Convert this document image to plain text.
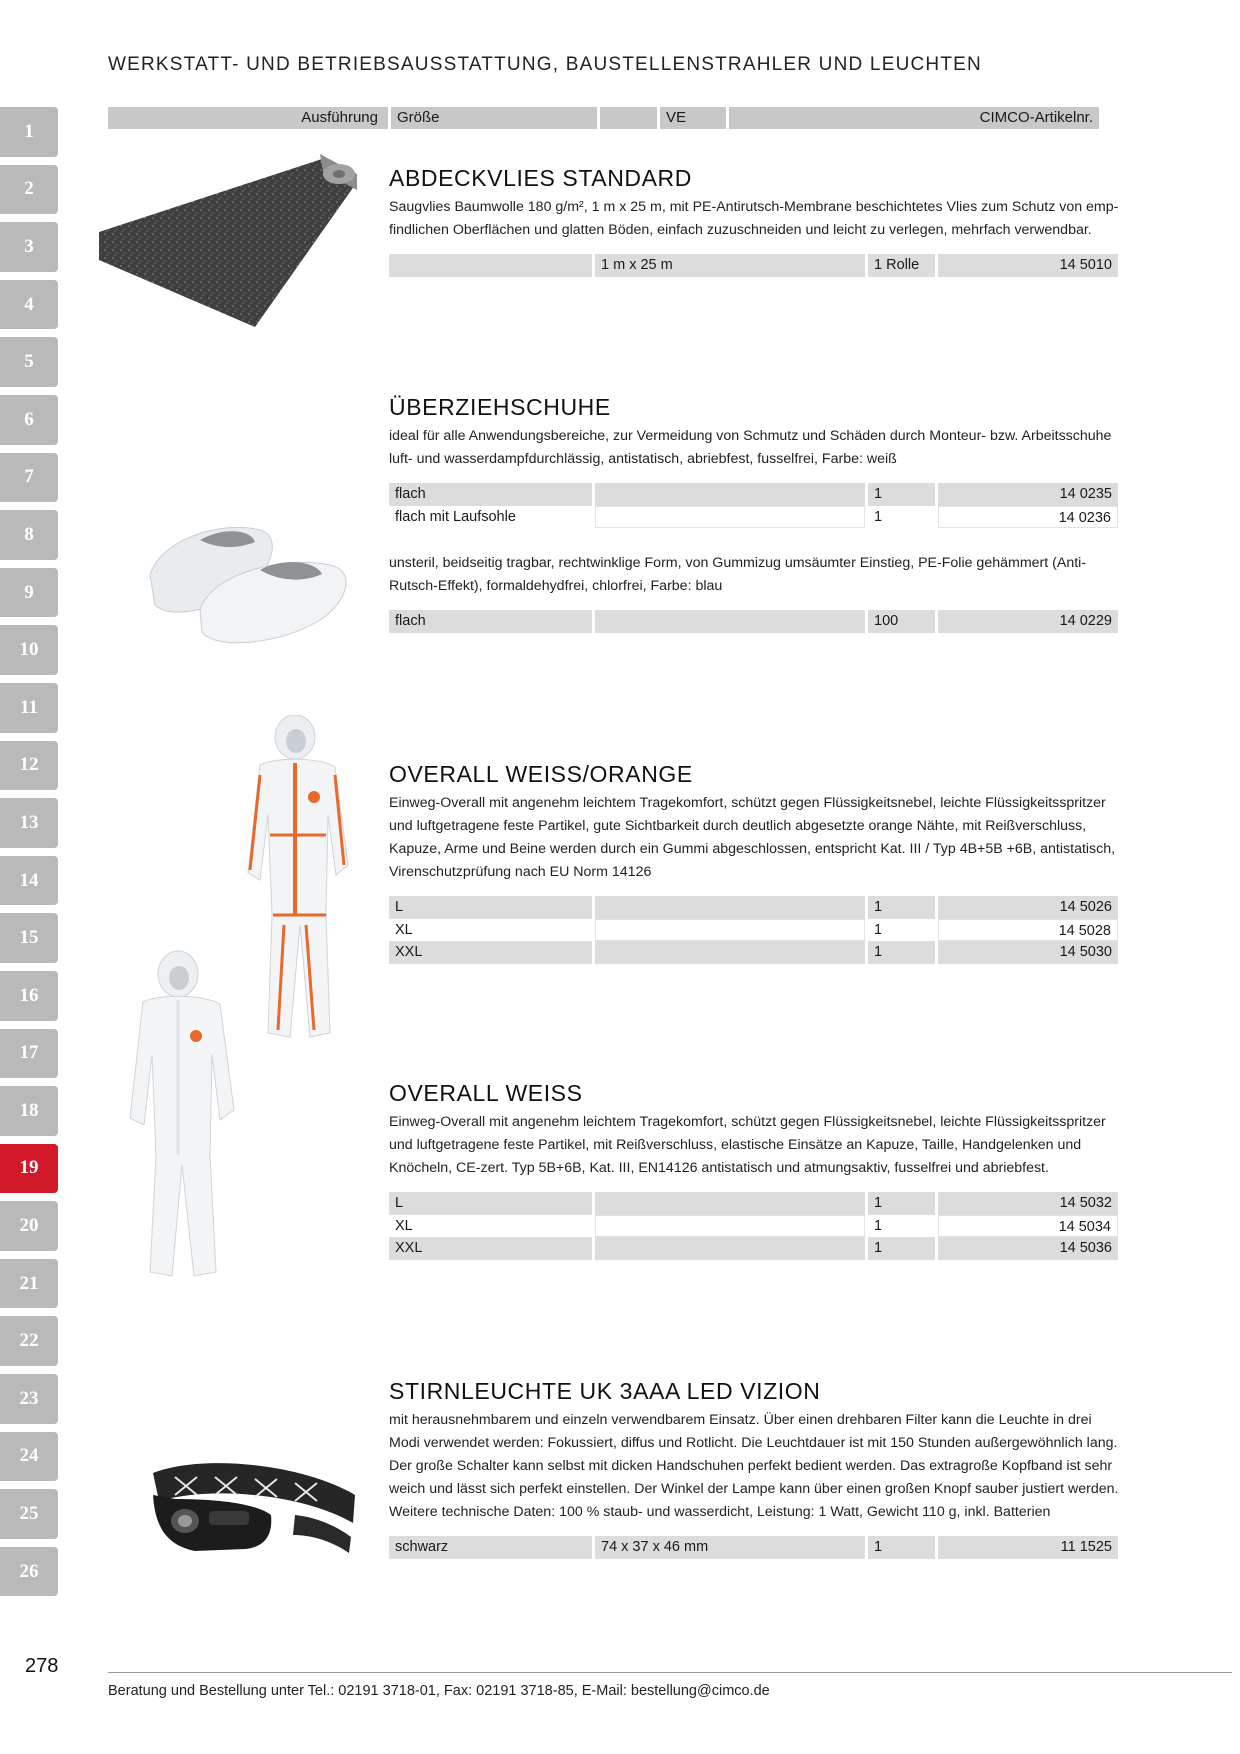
WERKSTATT- UND BETRIEBSAUSSTATTUNG, BAUSTELLENSTRAHLER UND LEUCHTEN
1
2
3
4
5
6
7
8
9
10
11
12
13
14
15
16
17
18
19
20
21
22
23
24
25
26
Ausführung	Größe	VE	CIMCO-Artikelnr.
ABDECKVLIES STANDARD

Saugvlies Baumwolle 180 g/m², 1 m x 25 m, mit PE-Antirutsch-Membrane beschichtetes Vlies zum Schutz von emp-findlichen Oberflächen und glatten Böden, einfach zuzuschneiden und leicht zu verlegen, mehrfach verwendbar.

1 m x 25 m	1 Rolle	14 5010
ÜBERZIEHSCHUHE

ideal für alle Anwendungsbereiche, zur Vermeidung von Schmutz und Schäden durch Monteur- bzw. Arbeitsschuhe luft- und wasserdampfdurchlässig, antistatisch, abriebfest, fusselfrei, Farbe: weiß

flach	1	14 0235
flach mit Laufsohle	1	14 0236

unsteril, beidseitig tragbar, rechtwinklige Form, von Gummizug umsäumter Einstieg, PE-Folie gehämmert (Anti-Rutsch-Effekt), formaldehydfrei, chlorfrei, Farbe: blau

flach	100	14 0229
OVERALL WEISS/ORANGE

Einweg-Overall mit angenehm leichtem Tragekomfort, schützt gegen Flüssigkeitsnebel, leichte Flüssigkeitsspritzer und luftgetragene feste Partikel, gute Sichtbarkeit durch deutlich abgesetzte orange Nähte, mit Reißverschluss, Kapuze, Arme und Beine werden durch ein Gummi abgeschlossen, entspricht Kat. III / Typ 4B+5B +6B, antistatisch, Virenschutzprüfung nach EU Norm 14126

L	1	14 5026
XL	1	14 5028
XXL	1	14 5030
OVERALL WEISS

Einweg-Overall mit angenehm leichtem Tragekomfort, schützt gegen Flüssigkeitsnebel, leichte Flüssigkeitsspritzer und luftgetragene feste Partikel, mit Reißverschluss, elastische Einsätze an Kapuze, Taille, Handgelenken und Knöcheln, CE-zert. Typ 5B+6B, Kat. III, EN14126 antistatisch und atmungsaktiv, fusselfrei und abriebfest.

L	1	14 5032
XL	1	14 5034
XXL	1	14 5036
STIRNLEUCHTE UK 3AAA LED VIZION

mit herausnehmbarem und einzeln verwendbarem Einsatz. Über einen drehbaren Filter kann die Leuchte in drei Modi verwendet werden: Fokussiert, diffus und Rotlicht. Die Leuchtdauer ist mit 150 Stunden außergewöhnlich lang. Der große Schalter kann selbst mit dicken Handschuhen perfekt bedient werden. Das extragroße Kopfband ist sehr weich und lässt sich perfekt einstellen. Der Winkel der Lampe kann über einen großen Knopf sauber justiert werden.

Weitere technische Daten: 100 % staub- und wasserdicht, Leistung: 1 Watt, Gewicht 110 g, inkl. Batterien

schwarz	74 x 37 x 46 mm	1	11 1525
278
Beratung und Bestellung unter Tel.: 02191 3718-01, Fax: 02191 3718-85, E-Mail: bestellung@cimco.de
